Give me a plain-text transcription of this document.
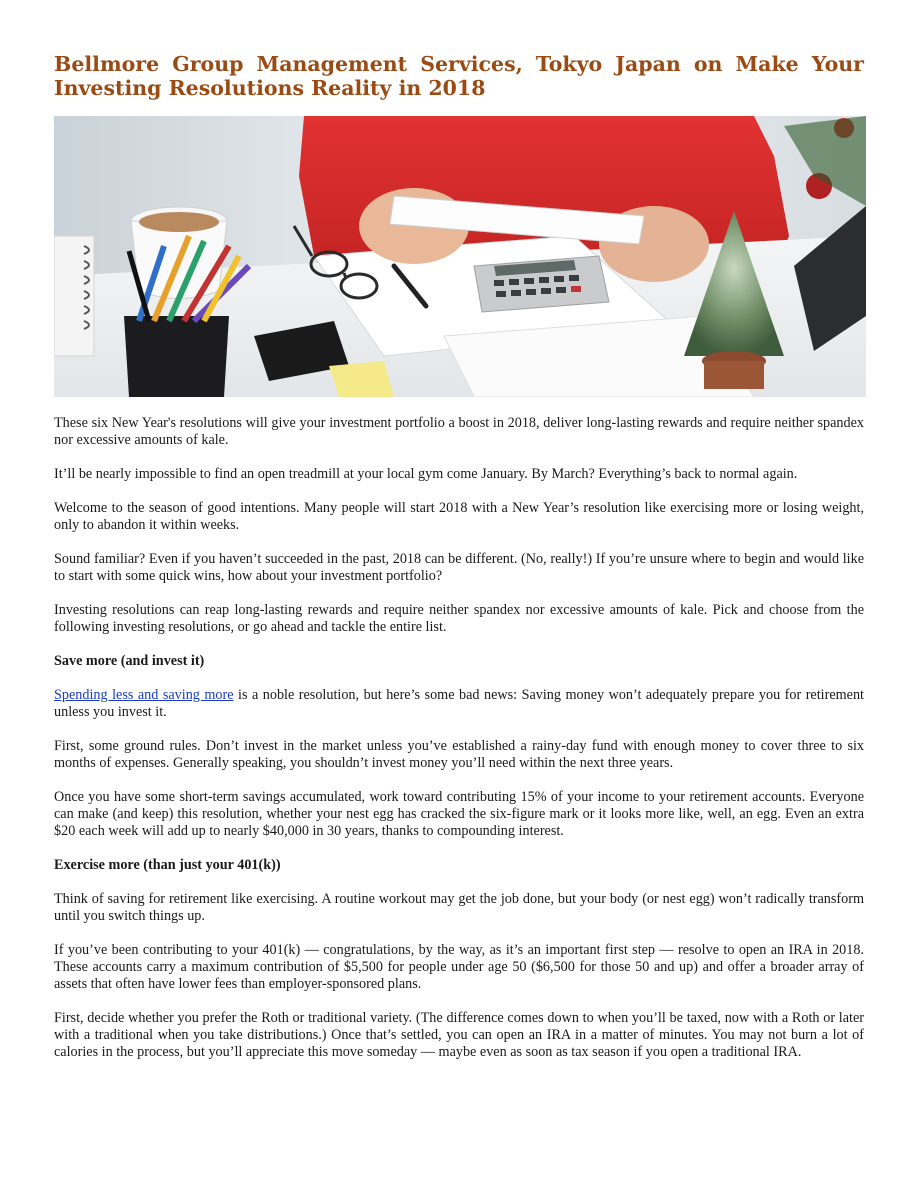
Bellmore Group Management Services, Tokyo Japan on Make Your Investing Resolutions Reality in 2018

These six New Year's resolutions will give your investment portfolio a boost in 2018, deliver long-lasting rewards and require neither spandex nor excessive amounts of kale.

It’ll be nearly impossible to find an open treadmill at your local gym come January. By March? Everything’s back to normal again.

Welcome to the season of good intentions. Many people will start 2018 with a New Year’s resolution like exercising more or losing weight, only to abandon it within weeks.

Sound familiar? Even if you haven’t succeeded in the past, 2018 can be different. (No, really!) If you’re unsure where to begin and would like to start with some quick wins, how about your investment portfolio?

Investing resolutions can reap long-lasting rewards and require neither spandex nor excessive amounts of kale. Pick and choose from the following investing resolutions, or go ahead and tackle the entire list.

Save more (and invest it)

Spending less and saving more is a noble resolution, but here’s some bad news: Saving money won’t adequately prepare you for retirement unless you invest it.

First, some ground rules. Don’t invest in the market unless you’ve established a rainy-day fund with enough money to cover three to six months of expenses. Generally speaking, you shouldn’t invest money you’ll need within the next three years.

Once you have some short-term savings accumulated, work toward contributing 15% of your income to your retirement accounts. Everyone can make (and keep) this resolution, whether your nest egg has cracked the six-figure mark or it looks more like, well, an egg. Even an extra $20 each week will add up to nearly $40,000 in 30 years, thanks to compounding interest.

Exercise more (than just your 401(k))

Think of saving for retirement like exercising. A routine workout may get the job done, but your body (or nest egg) won’t radically transform until you switch things up.

If you’ve been contributing to your 401(k) — congratulations, by the way, as it’s an important first step — resolve to open an IRA in 2018. These accounts carry a maximum contribution of $5,500 for people under age 50 ($6,500 for those 50 and up) and offer a broader array of assets that often have lower fees than employer-sponsored plans.

First, decide whether you prefer the Roth or traditional variety. (The difference comes down to when you’ll be taxed, now with a Roth or later with a traditional when you take distributions.) Once that’s settled, you can open an IRA in a matter of minutes. You may not burn a lot of calories in the process, but you’ll appreciate this move someday — maybe even as soon as tax season if you open a traditional IRA.
